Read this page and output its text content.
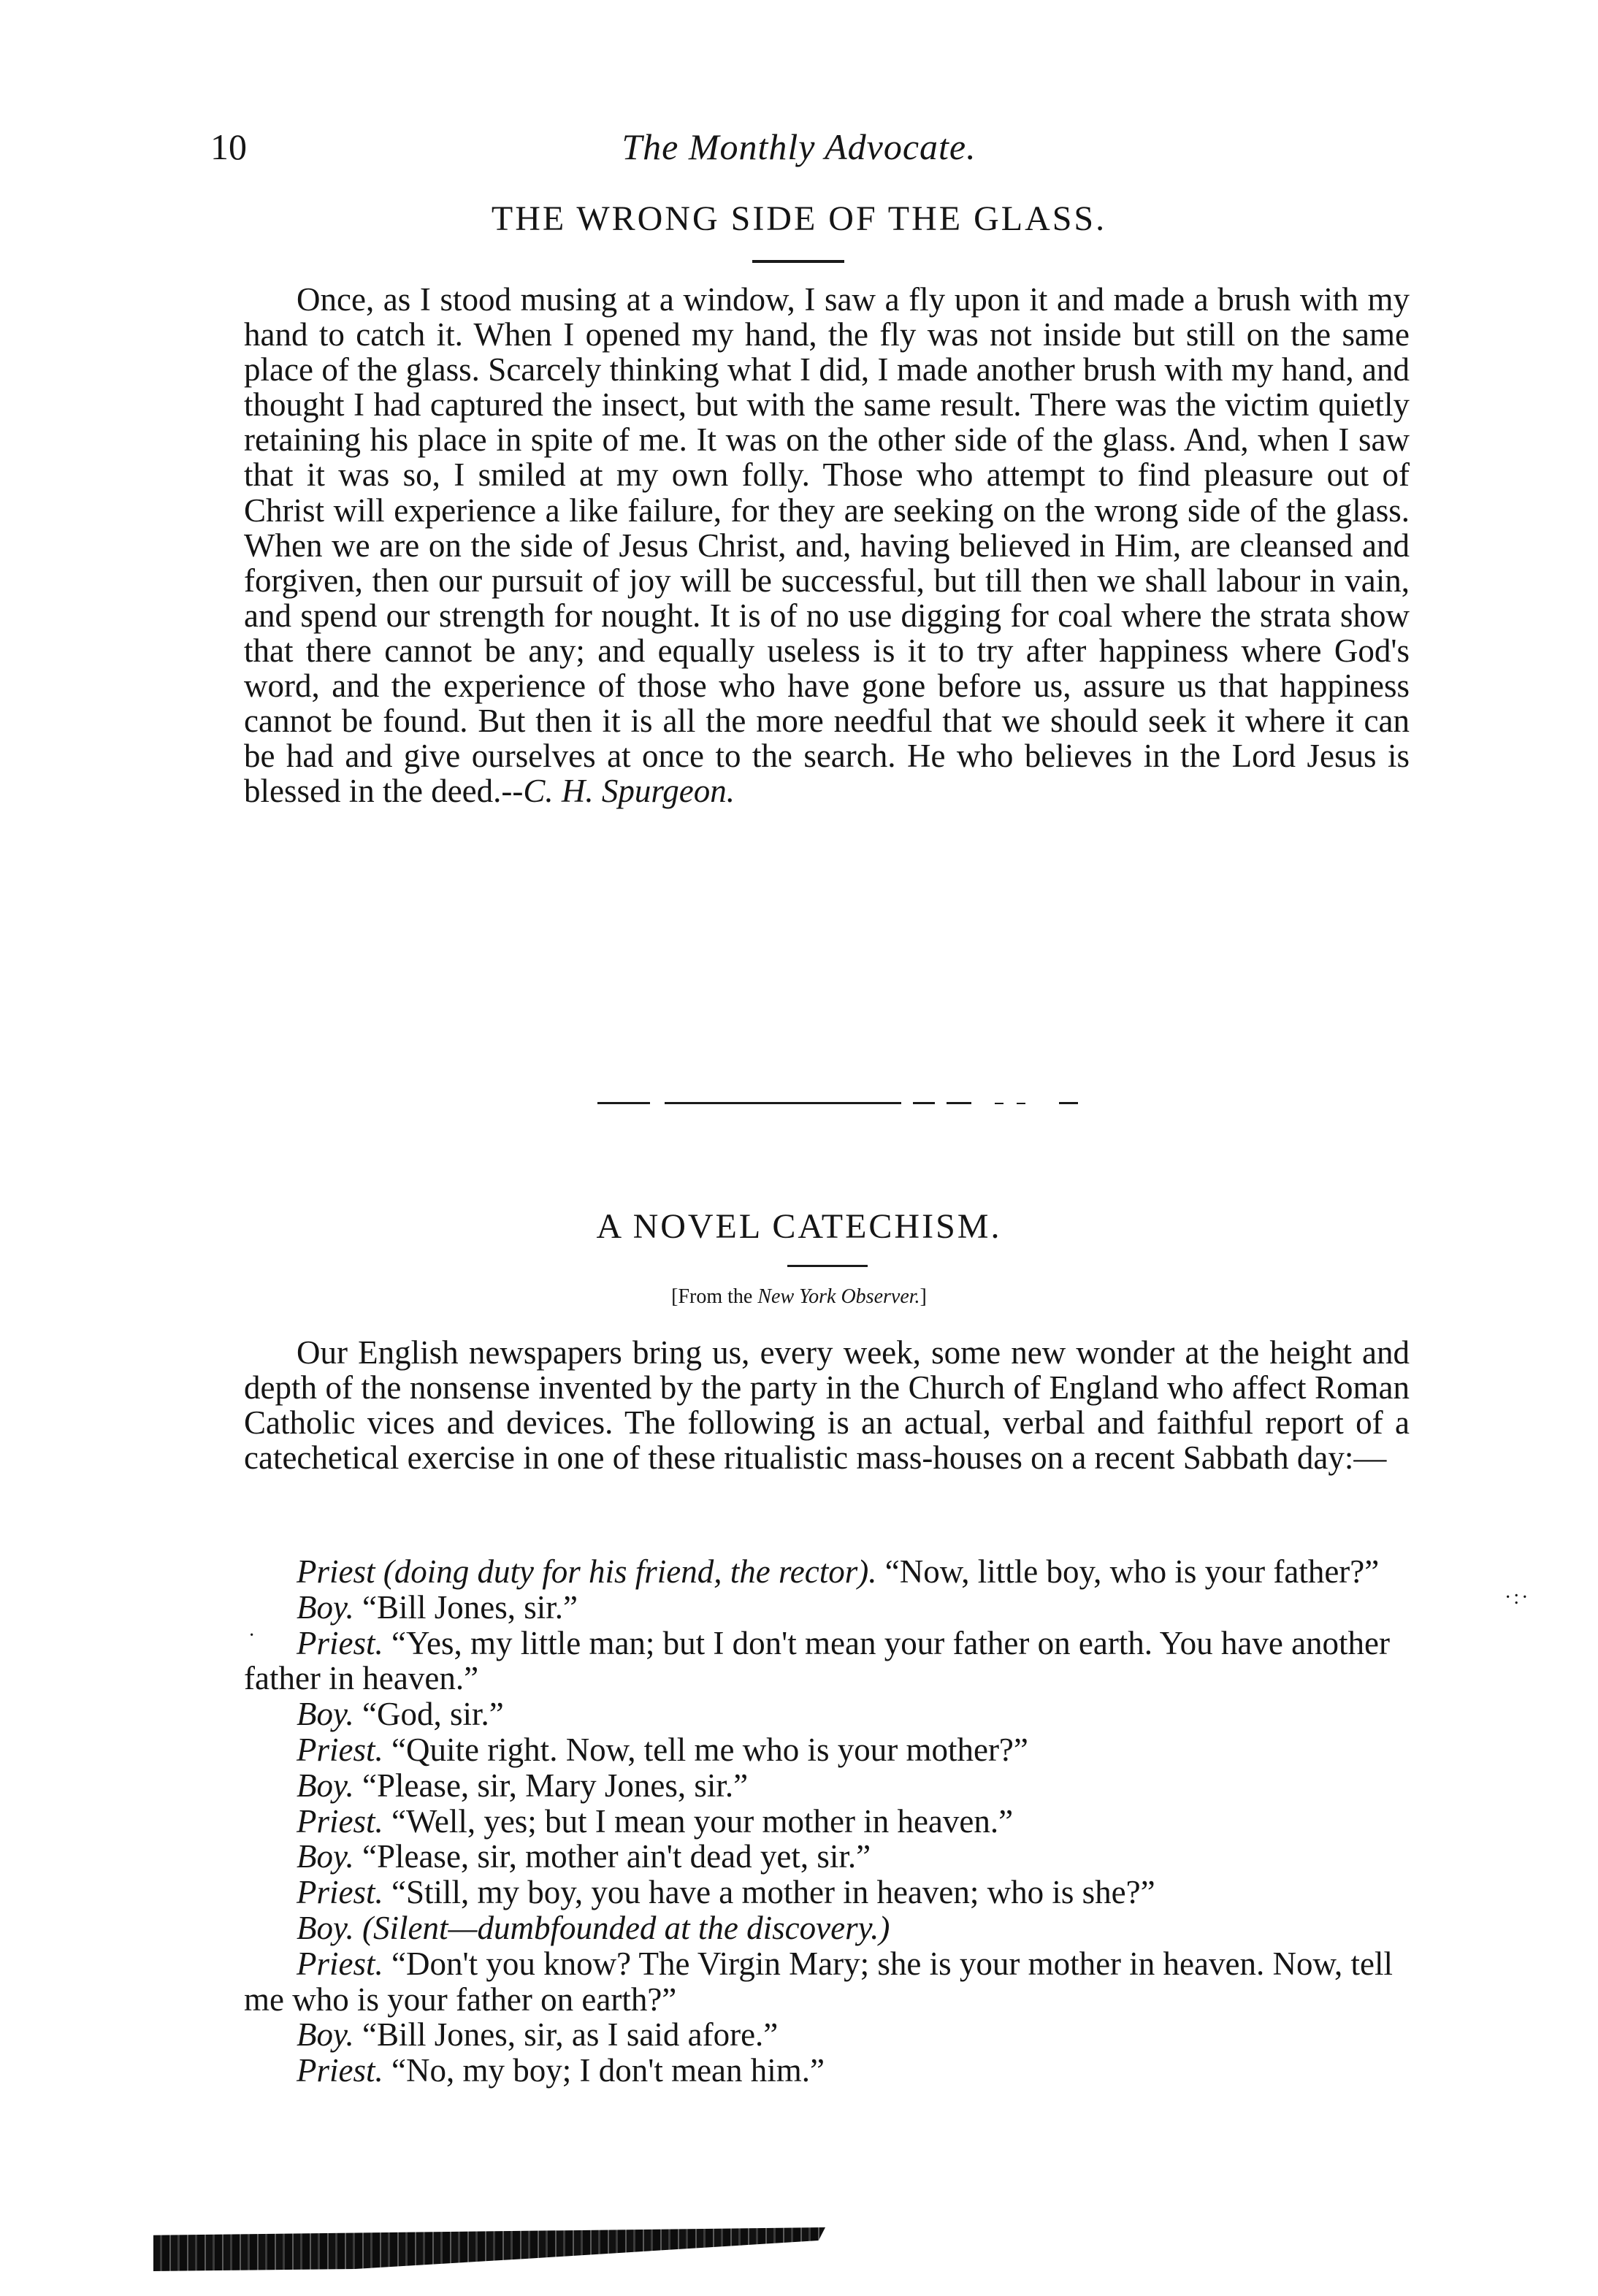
10	The Monthly Advocate.
THE WRONG SIDE OF THE GLASS.

Once, as I stood musing at a window, I saw a fly upon it and made a brush with my hand to catch it. When I opened my hand, the fly was not inside but still on the same place of the glass. Scarcely thinking what I did, I made another brush with my hand, and thought I had captured the insect, but with the same result. There was the victim quietly retaining his place in spite of me. It was on the other side of the glass. And, when I saw that it was so, I smiled at my own folly. Those who attempt to find pleasure out of Christ will experience a like failure, for they are seeking on the wrong side of the glass. When we are on the side of Jesus Christ, and, having believed in Him, are cleansed and forgiven, then our pursuit of joy will be successful, but till then we shall labour in vain, and spend our strength for nought. It is of no use digging for coal where the strata show that there cannot be any; and equally useless is it to try after happiness where God's word, and the experience of those who have gone before us, assure us that happiness cannot be found. But then it is all the more needful that we should seek it where it can be had and give ourselves at once to the search. He who believes in the Lord Jesus is blessed in the deed.--C. H. Spurgeon.

A NOVEL CATECHISM.
[From the New York Observer.]

Our English newspapers bring us, every week, some new wonder at the height and depth of the nonsense invented by the party in the Church of England who affect Roman Catholic vices and devices. The following is an actual, verbal and faithful report of a catechetical exercise in one of these ritualistic mass-houses on a recent Sabbath day:—

Priest (doing duty for his friend, the rector). “Now, little boy, who is your father?”

Boy. “Bill Jones, sir.”

Priest. “Yes, my little man; but I don't mean your father on earth. You have another father in heaven.”

Boy. “God, sir.”

Priest. “Quite right. Now, tell me who is your mother?”

Boy. “Please, sir, Mary Jones, sir.”

Priest. “Well, yes; but I mean your mother in heaven.”

Boy. “Please, sir, mother ain't dead yet, sir.”

Priest. “Still, my boy, you have a mother in heaven; who is she?”

Boy. (Silent—dumbfounded at the discovery.)

Priest. “Don't you know? The Virgin Mary; she is your mother in heaven. Now, tell me who is your father on earth?”

Boy. “Bill Jones, sir, as I said afore.”

Priest. “No, my boy; I don't mean him.”

·
·:·
